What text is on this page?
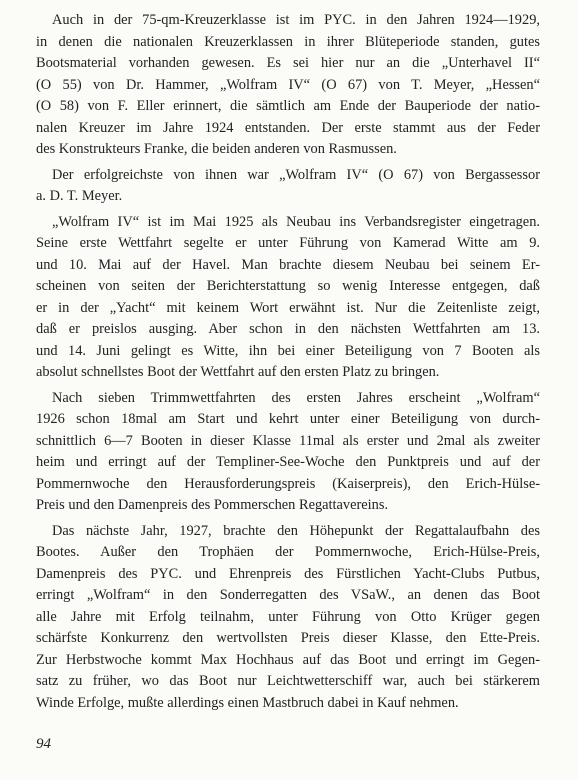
Auch in der 75-qm-Kreuzerklasse ist im PYC. in den Jahren 1924—1929,
in denen die nationalen Kreuzerklassen in ihrer Blüteperiode standen, gutes
Bootsmaterial vorhanden gewesen. Es sei hier nur an die „Unterhavel II“
(O 55) von Dr. Hammer, „Wolfram IV“ (O 67) von T. Meyer, „Hessen“
(O 58) von F. Eller erinnert, die sämtlich am Ende der Bauperiode der natio-
nalen Kreuzer im Jahre 1924 entstanden. Der erste stammt aus der Feder
des Konstrukteurs Franke, die beiden anderen von Rasmussen.

Der erfolgreichste von ihnen war „Wolfram IV“ (O 67) von Bergassessor
a. D. T. Meyer.

„Wolfram IV“ ist im Mai 1925 als Neubau ins Verbandsregister eingetragen.
Seine erste Wettfahrt segelte er unter Führung von Kamerad Witte am 9.
und 10. Mai auf der Havel. Man brachte diesem Neubau bei seinem Er-
scheinen von seiten der Berichterstattung so wenig Interesse entgegen, daß
er in der „Yacht“ mit keinem Wort erwähnt ist. Nur die Zeitenliste zeigt,
daß er preislos ausging. Aber schon in den nächsten Wettfahrten am 13.
und 14. Juni gelingt es Witte, ihn bei einer Beteiligung von 7 Booten als
absolut schnellstes Boot der Wettfahrt auf den ersten Platz zu bringen.

Nach sieben Trimmwettfahrten des ersten Jahres erscheint „Wolfram“
1926 schon 18mal am Start und kehrt unter einer Beteiligung von durch-
schnittlich 6—7 Booten in dieser Klasse 11mal als erster und 2mal als zweiter
heim und erringt auf der Templiner-See-Woche den Punktpreis und auf der
Pommernwoche den Herausforderungspreis (Kaiserpreis), den Erich-Hülse-
Preis und den Damenpreis des Pommerschen Regattavereins.

Das nächste Jahr, 1927, brachte den Höhepunkt der Regattalaufbahn des
Bootes. Außer den Trophäen der Pommernwoche, Erich-Hülse-Preis,
Damenpreis des PYC. und Ehrenpreis des Fürstlichen Yacht-Clubs Putbus,
erringt „Wolfram“ in den Sonderregatten des VSaW., an denen das Boot
alle Jahre mit Erfolg teilnahm, unter Führung von Otto Krüger gegen
schärfste Konkurrenz den wertvollsten Preis dieser Klasse, den Ette-Preis.
Zur Herbstwoche kommt Max Hochhaus auf das Boot und erringt im Gegen-
satz zu früher, wo das Boot nur Leichtwetterschiff war, auch bei stärkerem
Winde Erfolge, mußte allerdings einen Mastbruch dabei in Kauf nehmen.

94
